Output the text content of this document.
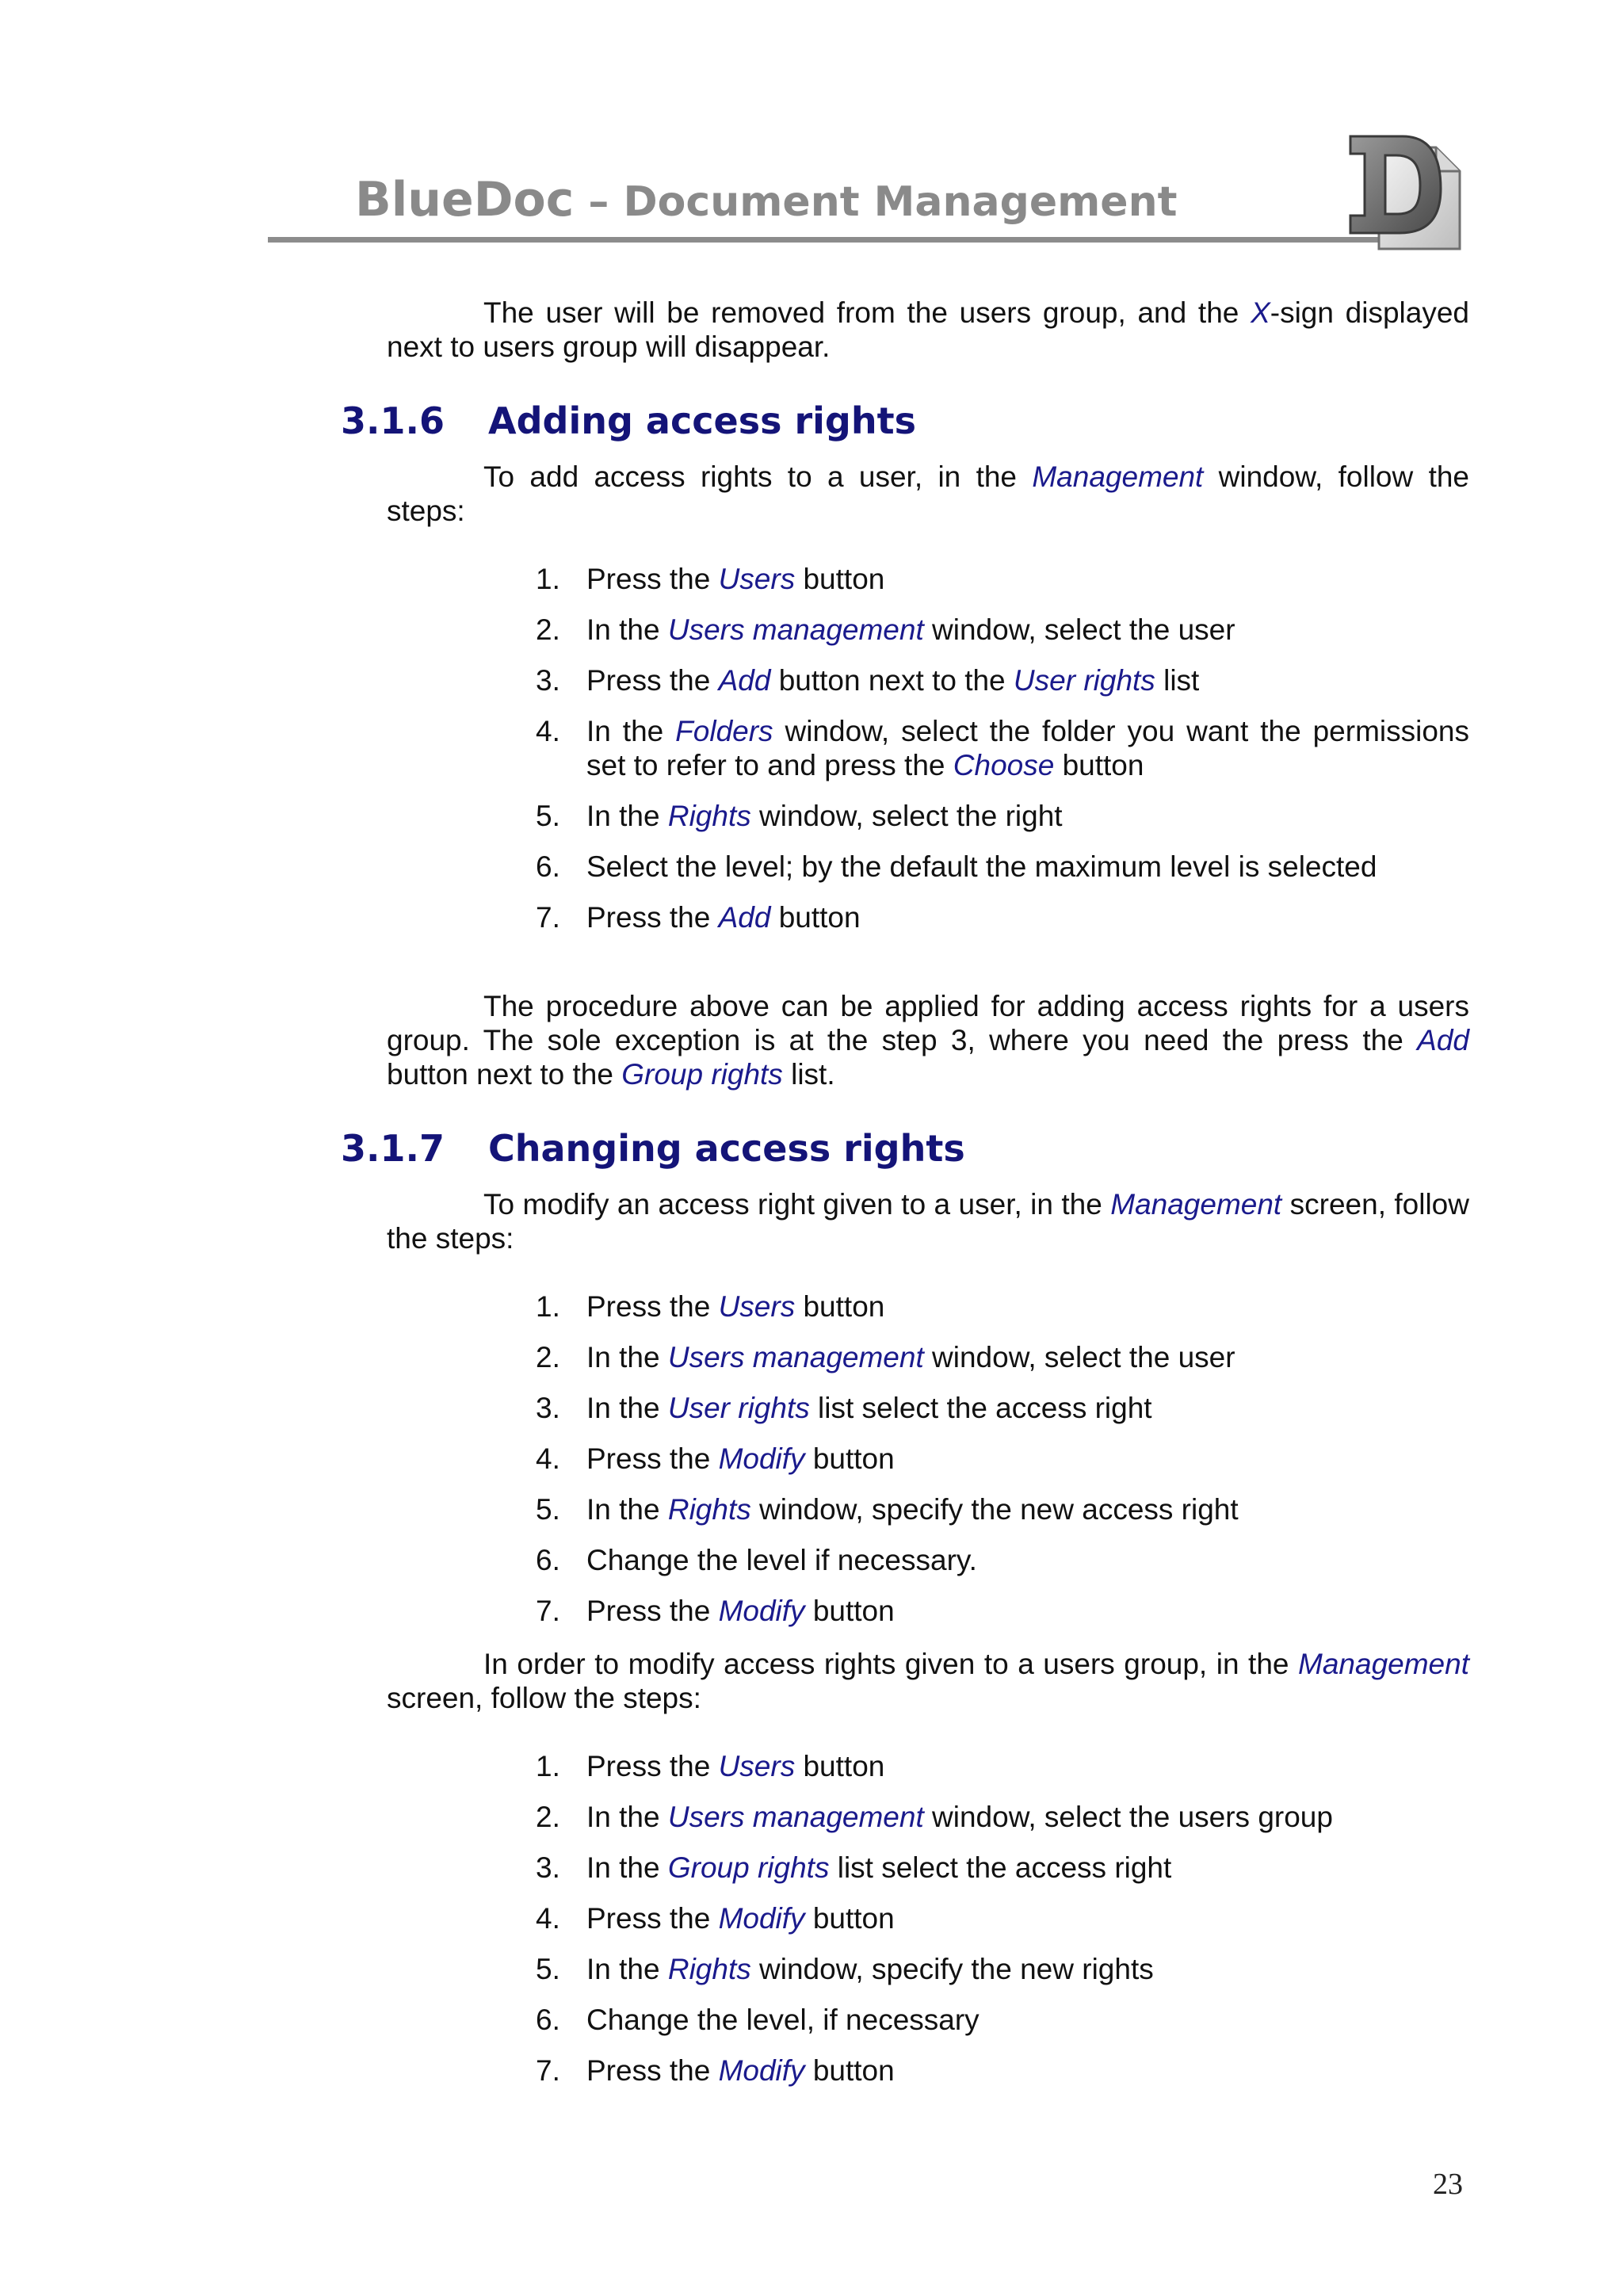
BlueDoc – Document Management

The user will be removed from the users group, and the X-sign displayed next to users group will disappear.

3.1.6 Adding access rights

To add access rights to a user, in the Management window, follow the steps:

1. Press the Users button
2. In the Users management window, select the user
3. Press the Add button next to the User rights list
4. In the Folders window, select the folder you want the permissions set to refer to and press the Choose button
5. In the Rights window, select the right
6. Select the level; by the default the maximum level is selected
7. Press the Add button

The procedure above can be applied for adding access rights for a users group. The sole exception is at the step 3, where you need the press the Add button next to the Group rights list.

3.1.7 Changing access rights

To modify an access right given to a user, in the Management screen, follow the steps:

1. Press the Users button
2. In the Users management window, select the user
3. In the User rights list select the access right
4. Press the Modify button
5. In the Rights window, specify the new access right
6. Change the level if necessary.
7. Press the Modify button

In order to modify access rights given to a users group, in the Management screen, follow the steps:

1. Press the Users button
2. In the Users management window, select the users group
3. In the Group rights list select the access right
4. Press the Modify button
5. In the Rights window, specify the new rights
6. Change the level, if necessary
7. Press the Modify button
23
